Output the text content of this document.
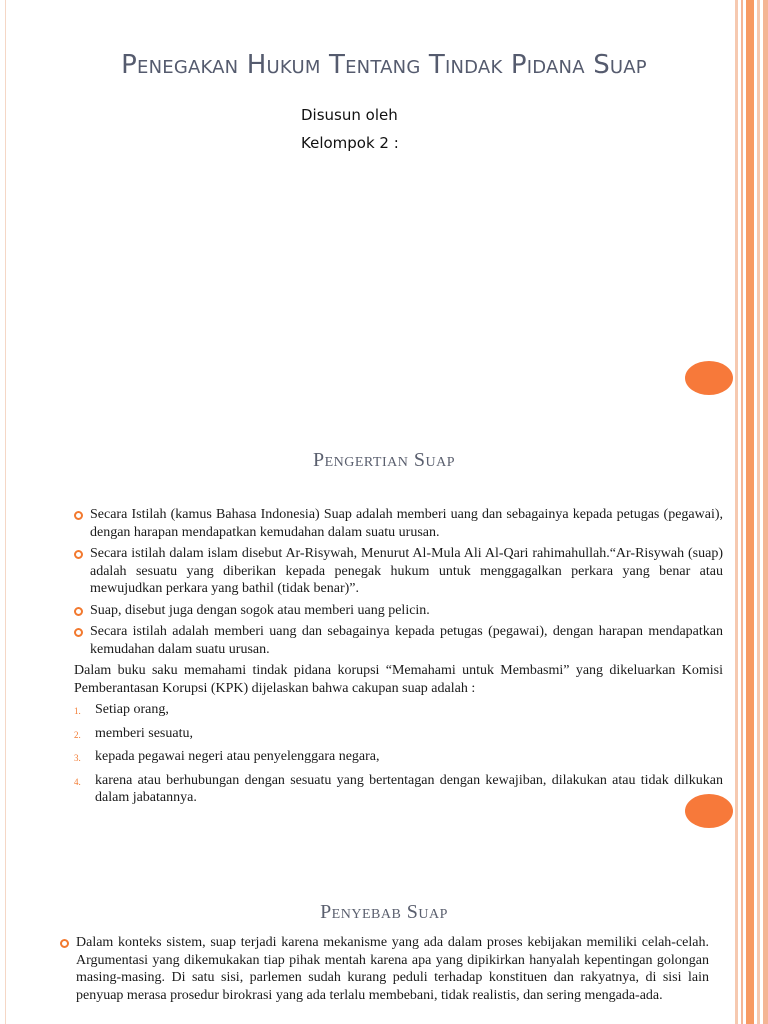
Penegakan Hukum Tentang Tindak Pidana Suap
Disusun oleh
Kelompok 2 :
Pengertian Suap
Secara Istilah (kamus Bahasa Indonesia) Suap adalah memberi uang dan sebagainya kepada petugas (pegawai), dengan harapan mendapatkan kemudahan dalam suatu urusan.
Secara istilah dalam islam disebut Ar-Risywah, Menurut Al-Mula Ali Al-Qari rahimahullah.“Ar-Risywah (suap) adalah sesuatu yang diberikan kepada penegak hukum untuk menggagalkan perkara yang benar atau mewujudkan perkara yang bathil (tidak benar)”.
Suap, disebut juga dengan sogok atau memberi uang pelicin.
Secara istilah adalah memberi uang dan sebagainya kepada petugas (pegawai), dengan harapan mendapatkan kemudahan dalam suatu urusan.

Dalam buku saku memahami tindak pidana korupsi “Memahami untuk Membasmi” yang dikeluarkan Komisi Pemberantasan Korupsi (KPK) dijelaskan bahwa cakupan suap adalah :

1. Setiap orang,
2. memberi sesuatu,
3. kepada pegawai negeri atau penyelenggara negara,
4. karena atau berhubungan dengan sesuatu yang bertentagan dengan kewajiban, dilakukan atau tidak dilkukan dalam jabatannya.
Penyebab Suap
Dalam konteks sistem, suap terjadi karena mekanisme yang ada dalam proses kebijakan memiliki celah-celah. Argumentasi yang dikemukakan tiap pihak mentah karena apa yang dipikirkan hanyalah kepentingan golongan masing-masing. Di satu sisi, parlemen sudah kurang peduli terhadap konstituen dan rakyatnya, di sisi lain penyuap merasa prosedur birokrasi yang ada terlalu membebani, tidak realistis, dan sering mengada-ada.
